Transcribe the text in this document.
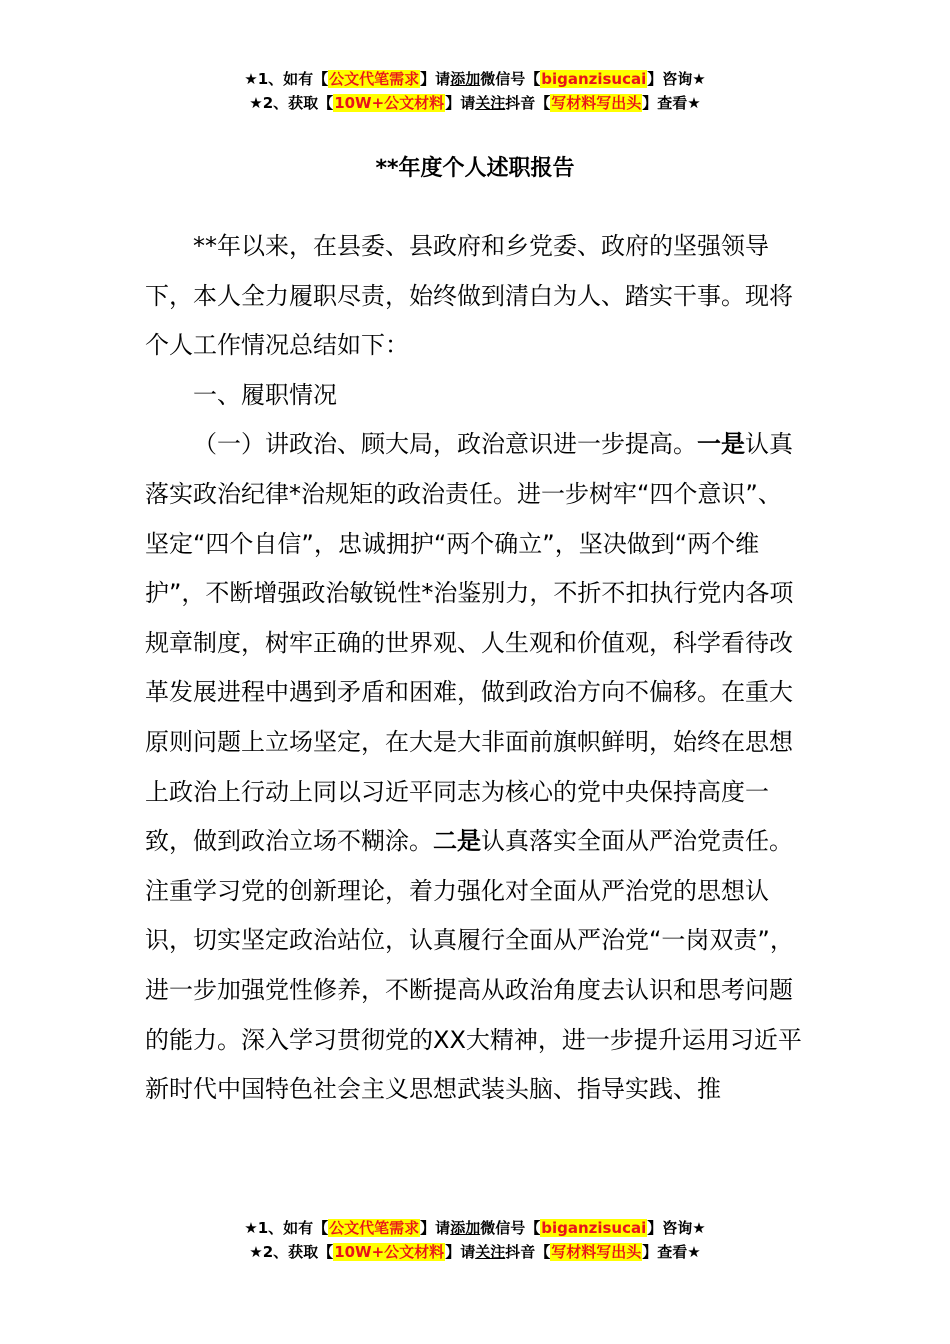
★1、如有【公文代笔需求】请添加微信号【biganzisucai】咨询★
★2、获取【10W+公文材料】请关注抖音【写材料写出头】查看★
**年度个人述职报告

**年以来，在县委、县政府和乡党委、政府的坚强领导下，本人全力履职尽责，始终做到清白为人、踏实干事。现将个人工作情况总结如下：

一、履职情况

（一）讲政治、顾大局，政治意识进一步提高。一是认真落实政治纪律*治规矩的政治责任。进一步树牢“四个意识”、坚定“四个自信”，忠诚拥护“两个确立”，坚决做到“两个维护”，不断增强政治敏锐性*治鉴别力，不折不扣执行党内各项规章制度，树牢正确的世界观、人生观和价值观，科学看待改革发展进程中遇到矛盾和困难，做到政治方向不偏移。在重大原则问题上立场坚定，在大是大非面前旗帜鲜明，始终在思想上政治上行动上同以习近平同志为核心的党中央保持高度一致，做到政治立场不糊涂。二是认真落实全面从严治党责任。注重学习党的创新理论，着力强化对全面从严治党的思想认识，切实坚定政治站位，认真履行全面从严治党“一岗双责”，进一步加强党性修养，不断提高从政治角度去认识和思考问题的能力。深入学习贯彻党的XX大精神，进一步提升运用习近平新时代中国特色社会主义思想武装头脑、指导实践、推

★1、如有【公文代笔需求】请添加微信号【biganzisucai】咨询★
★2、获取【10W+公文材料】请关注抖音【写材料写出头】查看★
